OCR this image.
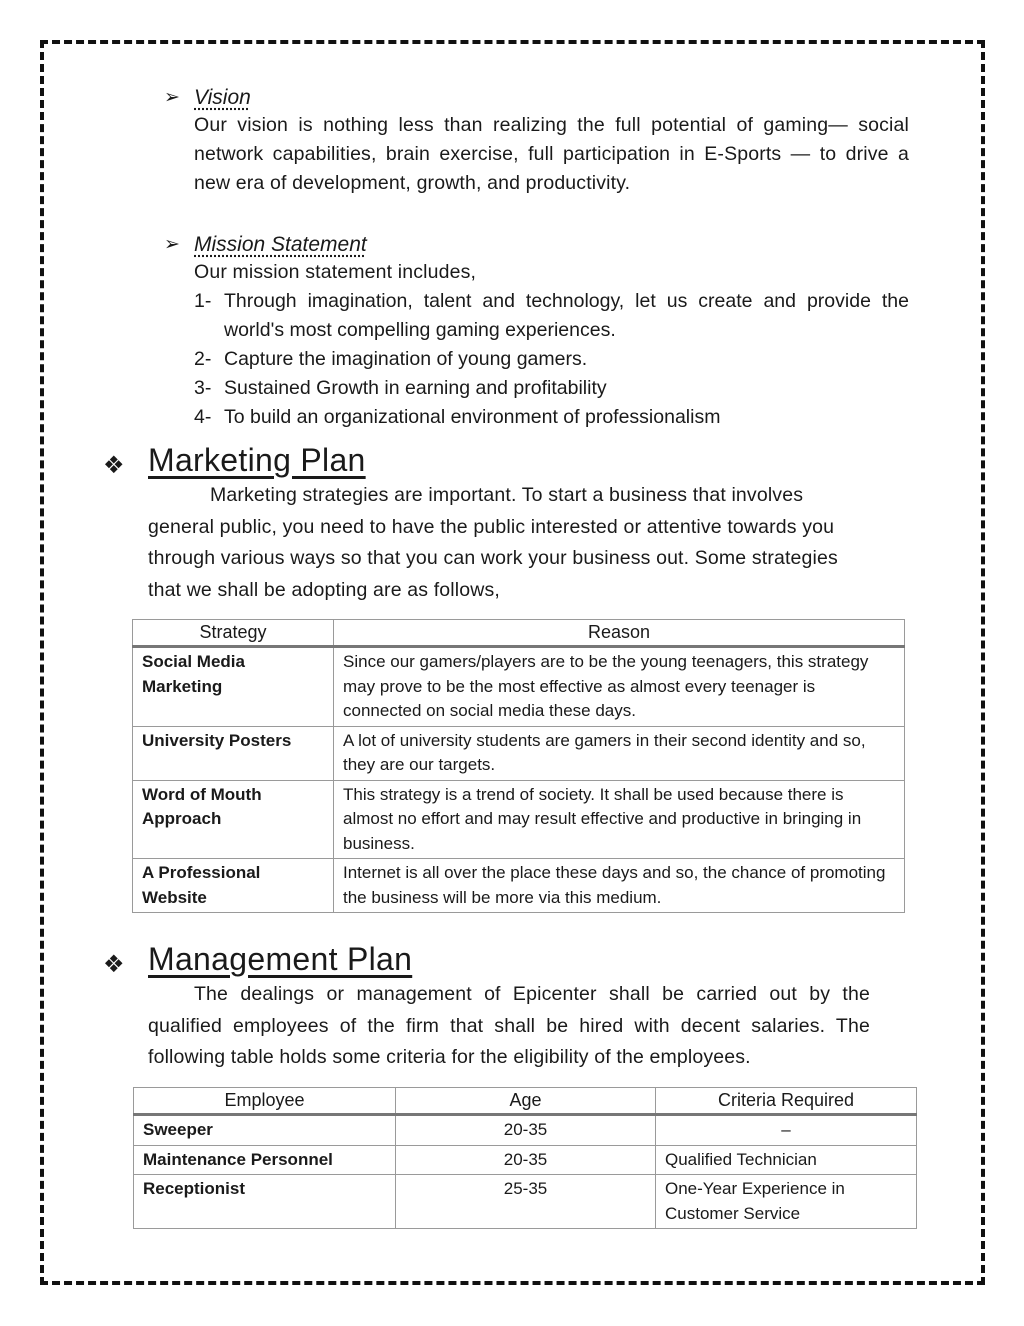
➢ Vision

Our vision is nothing less than realizing the full potential of gaming— social network capabilities, brain exercise, full participation in E-Sports — to drive a new era of development, growth, and productivity.

➢ Mission Statement

Our mission statement includes,

1- Through imagination, talent and technology, let us create and provide the world's most compelling gaming experiences.
2- Capture the imagination of young gamers.
3- Sustained Growth in earning and profitability
4- To build an organizational environment of professionalism
❖ Marketing Plan

Marketing strategies are important. To start a business that involves general public, you need to have the public interested or attentive towards you through various ways so that you can work your business out. Some strategies that we shall be adopting are as follows,

Strategy	Reason
Social Media Marketing	Since our gamers/players are to be the young teenagers, this strategy may prove to be the most effective as almost every teenager is connected on social media these days.
University Posters	A lot of university students are gamers in their second identity and so, they are our targets.
Word of Mouth Approach	This strategy is a trend of society. It shall be used because there is almost no effort and may result effective and productive in bringing in business.
A Professional Website	Internet is all over the place these days and so, the chance of promoting the business will be more via this medium.
❖ Management Plan

The dealings or management of Epicenter shall be carried out by the qualified employees of the firm that shall be hired with decent salaries. The following table holds some criteria for the eligibility of the employees.

Employee	Age	Criteria Required
Sweeper	20-35	–
Maintenance Personnel	20-35	Qualified Technician
Receptionist	25-35	One-Year Experience in Customer Service
